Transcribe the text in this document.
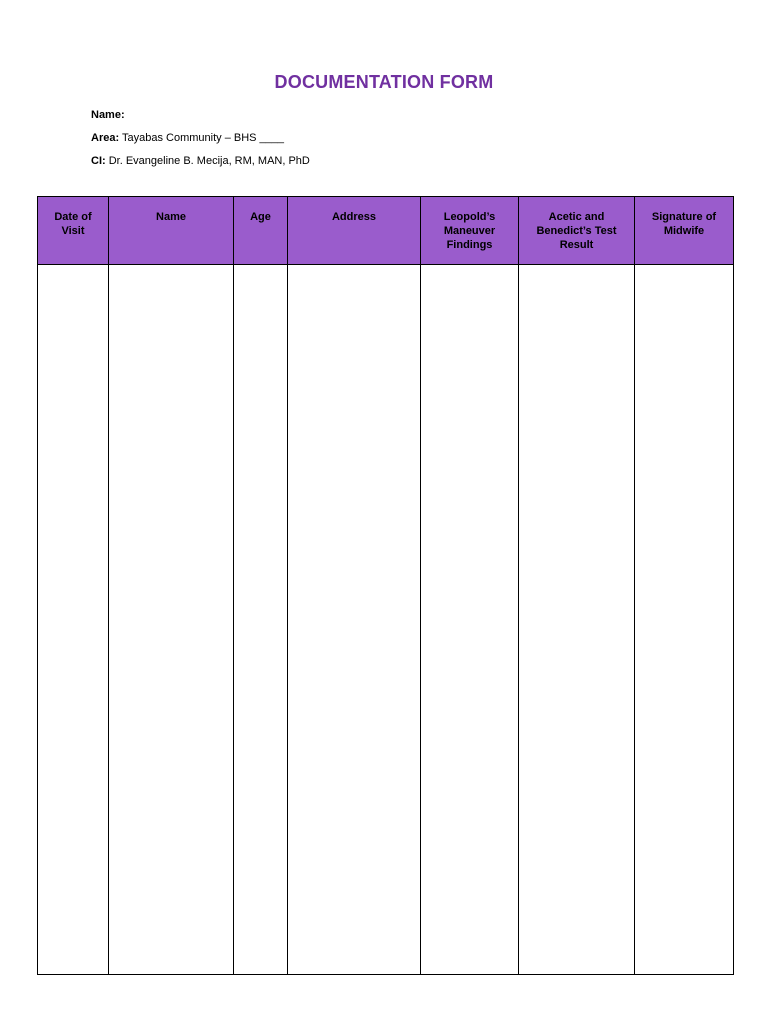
DOCUMENTATION FORM
Name:
Area: Tayabas Community – BHS ____
CI: Dr. Evangeline B. Mecija, RM, MAN, PhD
Date of Visit	Name	Age	Address	Leopold’s Maneuver Findings	Acetic and Benedict’s Test Result	Signature of Midwife
